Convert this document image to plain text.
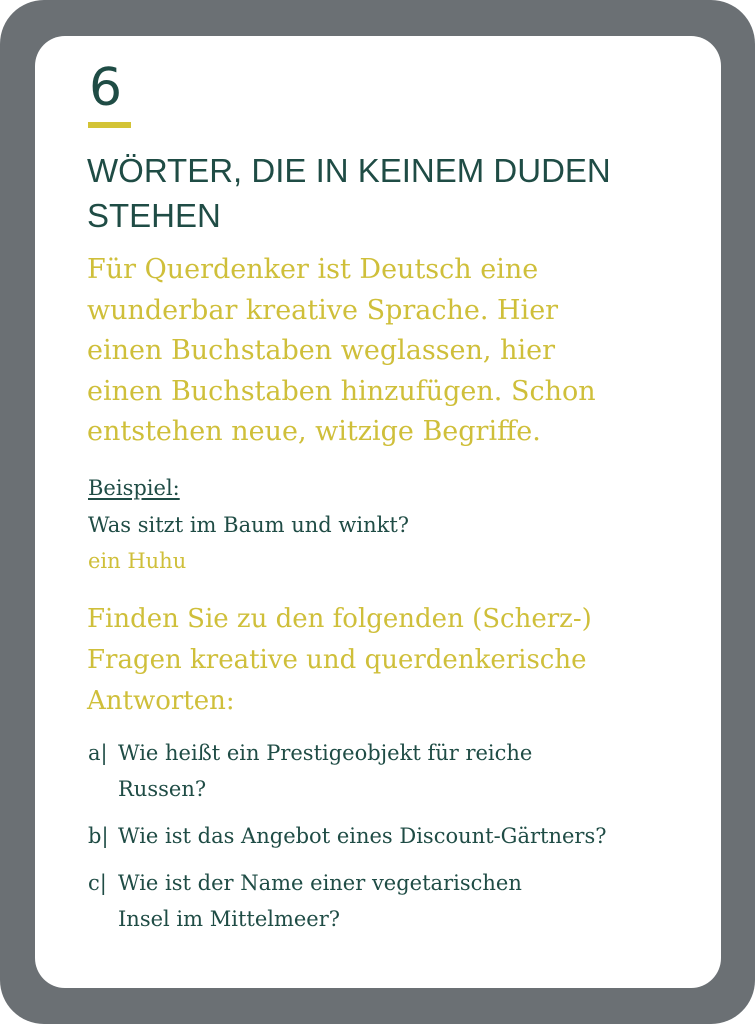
6
WÖRTER, DIE IN KEINEM DUDEN
STEHEN
Für Querdenker ist Deutsch eine
wunderbar kreative Sprache. Hier
einen Buchstaben weglassen, hier
einen Buchstaben hinzufügen. Schon
entstehen neue, witzige Begriffe.
Beispiel:
Was sitzt im Baum und winkt?
ein Huhu
Finden Sie zu den folgenden (Scherz-)
Fragen kreative und querdenkerische
Antworten:
a| Wie heißt ein Prestigeobjekt für reiche
Russen?
b| Wie ist das Angebot eines Discount-Gärtners?
c| Wie ist der Name einer vegetarischen
Insel im Mittelmeer?
